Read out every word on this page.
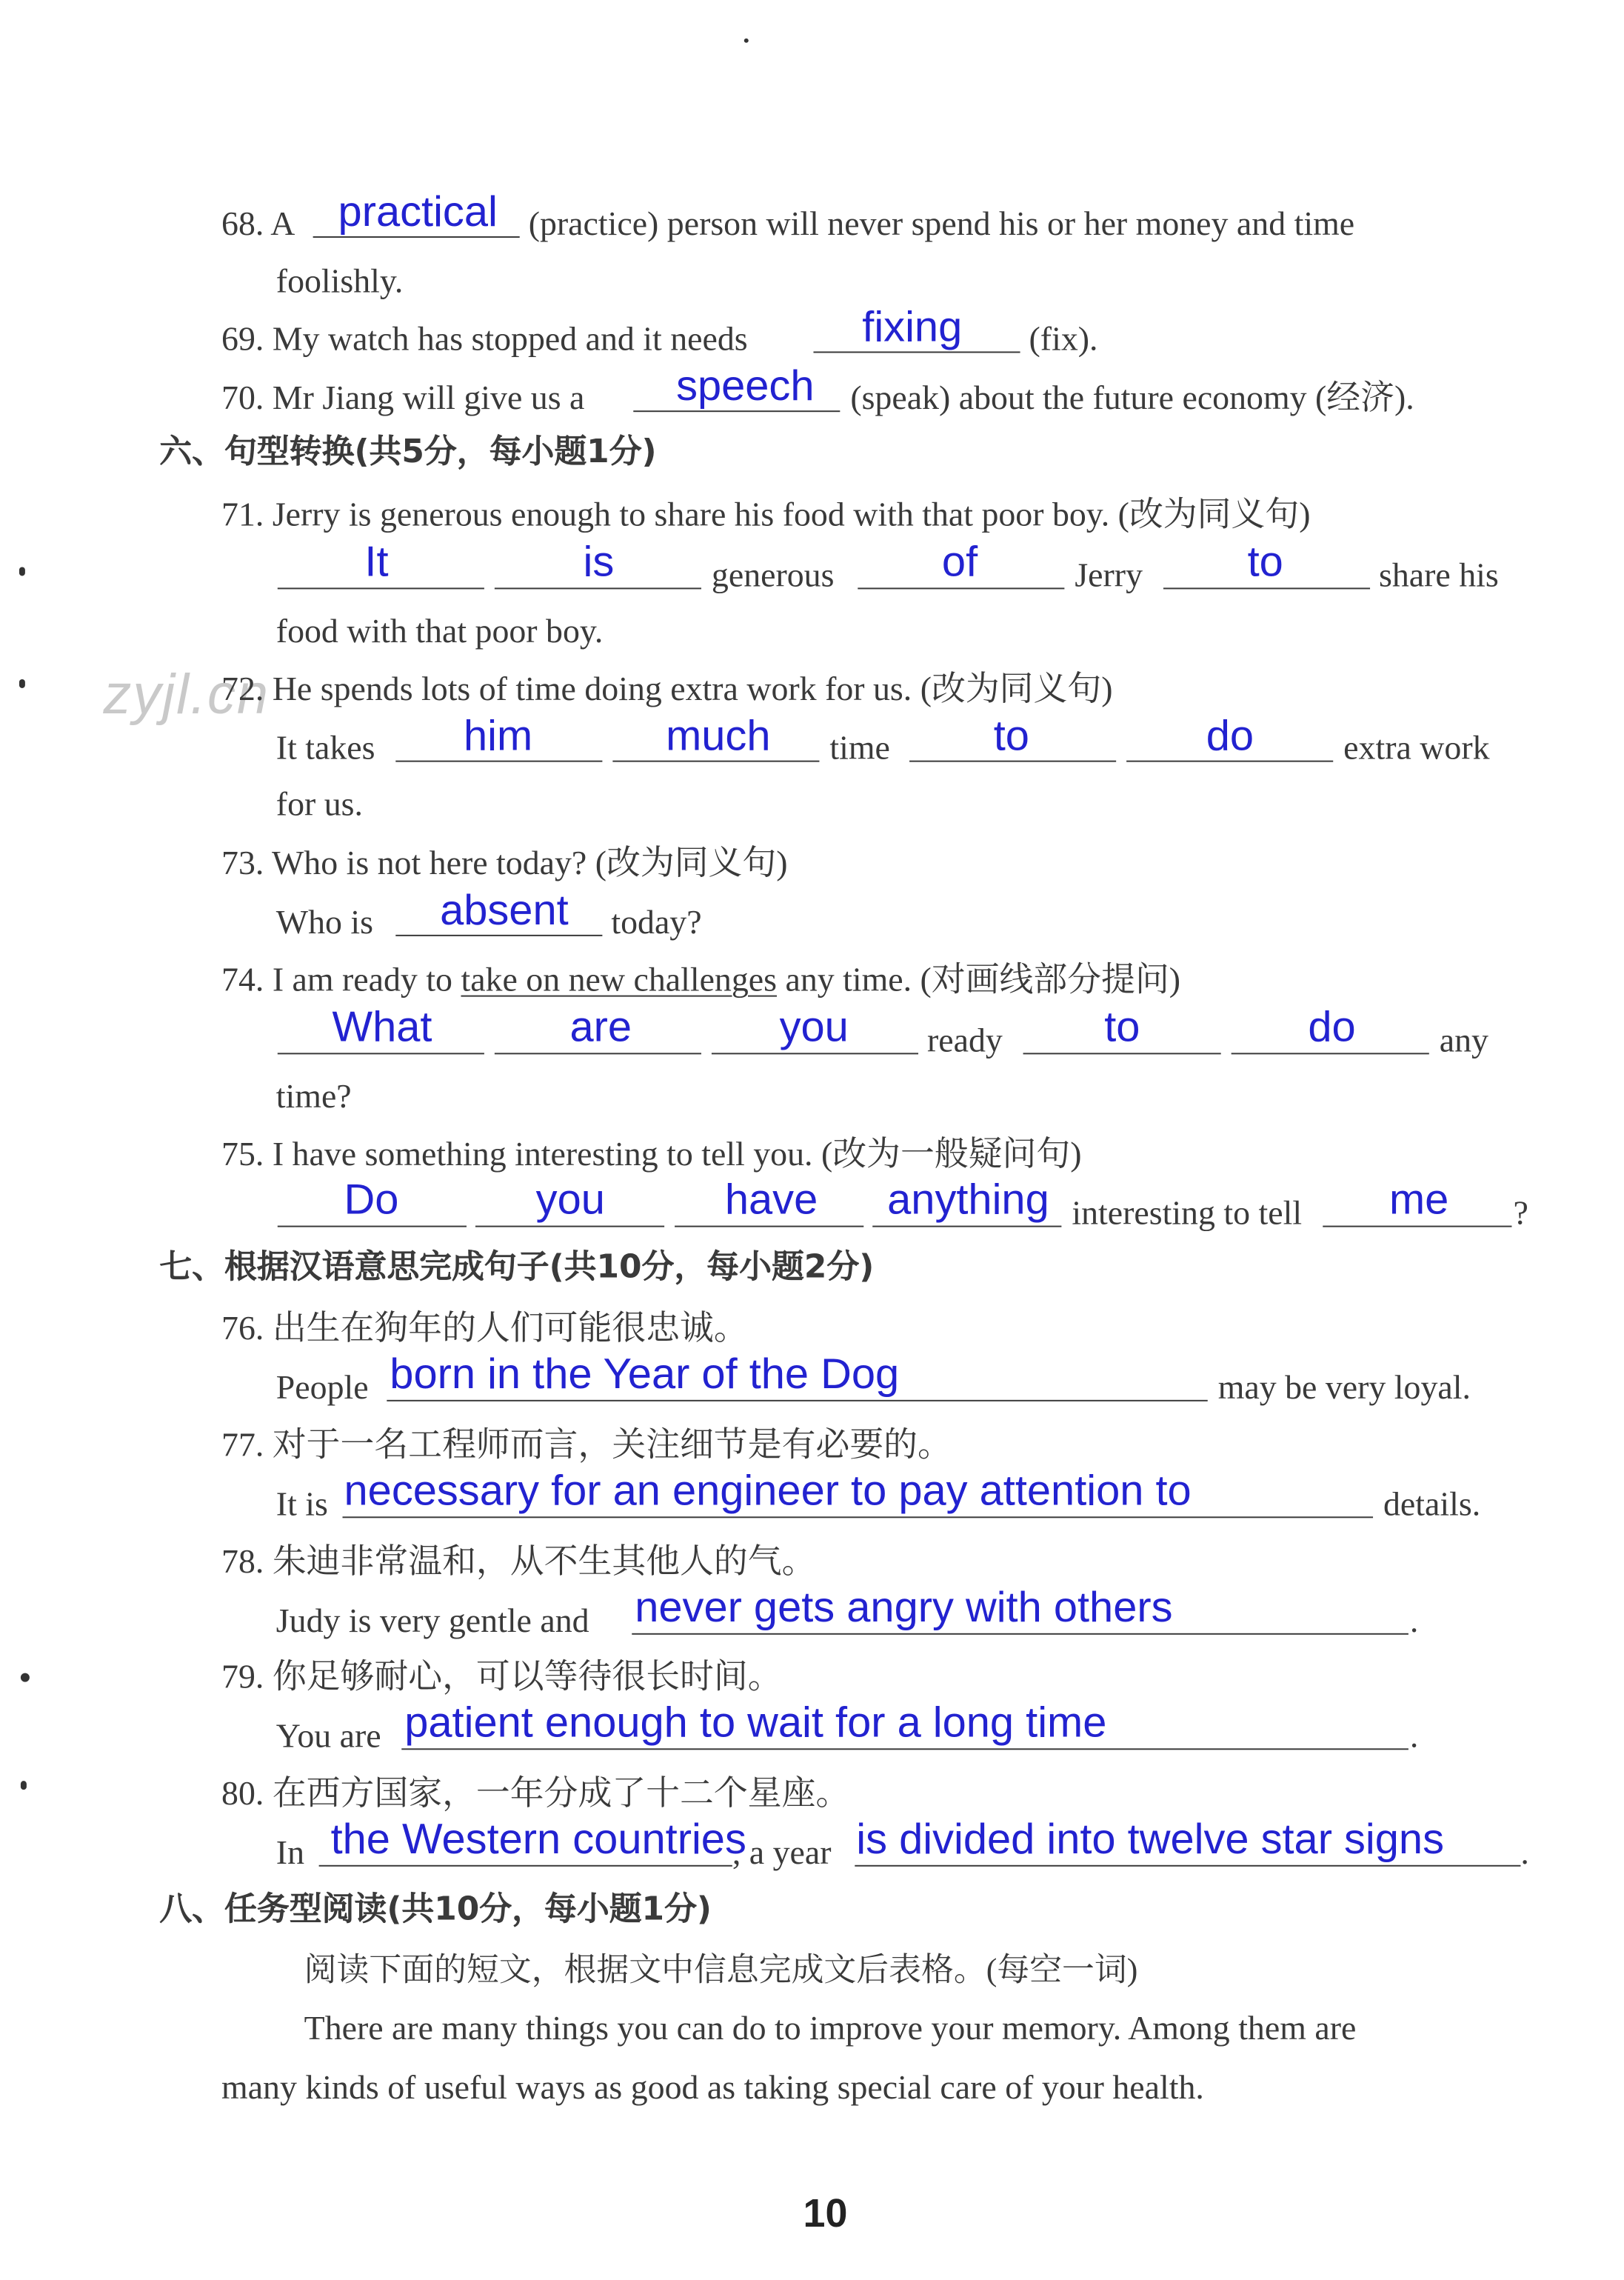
zyjl.cn
68. A practical (practice) person will never spend his or her money and time
foolishly.
69. My watch has stopped and it needs	fixing	(fix).
70. Mr Jiang will give us a	speech (speak) about the future economy (经济).
六、句型转换(共5分，每小题1分)
71. Jerry is generous enough to share his food with that poor boy. (改为同义句)
It	is	generous	of	Jerry	to	share his
food with that poor boy.
72. He spends lots of time doing extra work for us. (改为同义句)
It takes	him	much	time	to	do	extra work
for us.
73. Who is not here today? (改为同义句)
Who is	absent	today?
74. I am ready to take on new challenges any time. (对画线部分提问)
What	are	you	ready	to	do	any
time?
75. I have something interesting to tell you. (改为一般疑问句)
Do	you	have	anything interesting to tell	me	?
七、根据汉语意思完成句子(共10分，每小题2分)
76. 出生在狗年的人们可能很忠诚。
People born in the Year of the Dog	may be very loyal.
77. 对于一名工程师而言，关注细节是有必要的。
It is necessary for an engineer to pay attention to	details.
78. 朱迪非常温和，从不生其他人的气。
Judy is very gentle and never gets angry with others	.
79. 你足够耐心，可以等待很长时间。
You are patient enough to wait for a long time	.
80. 在西方国家，一年分成了十二个星座。
In the Western countries
, a year is divided into twelve star signs	.
八、任务型阅读(共10分，每小题1分)
阅读下面的短文，根据文中信息完成文后表格。(每空一词)
There are many things you can do to improve your memory. Among them are
many kinds of useful ways as good as taking special care of your health.
10
